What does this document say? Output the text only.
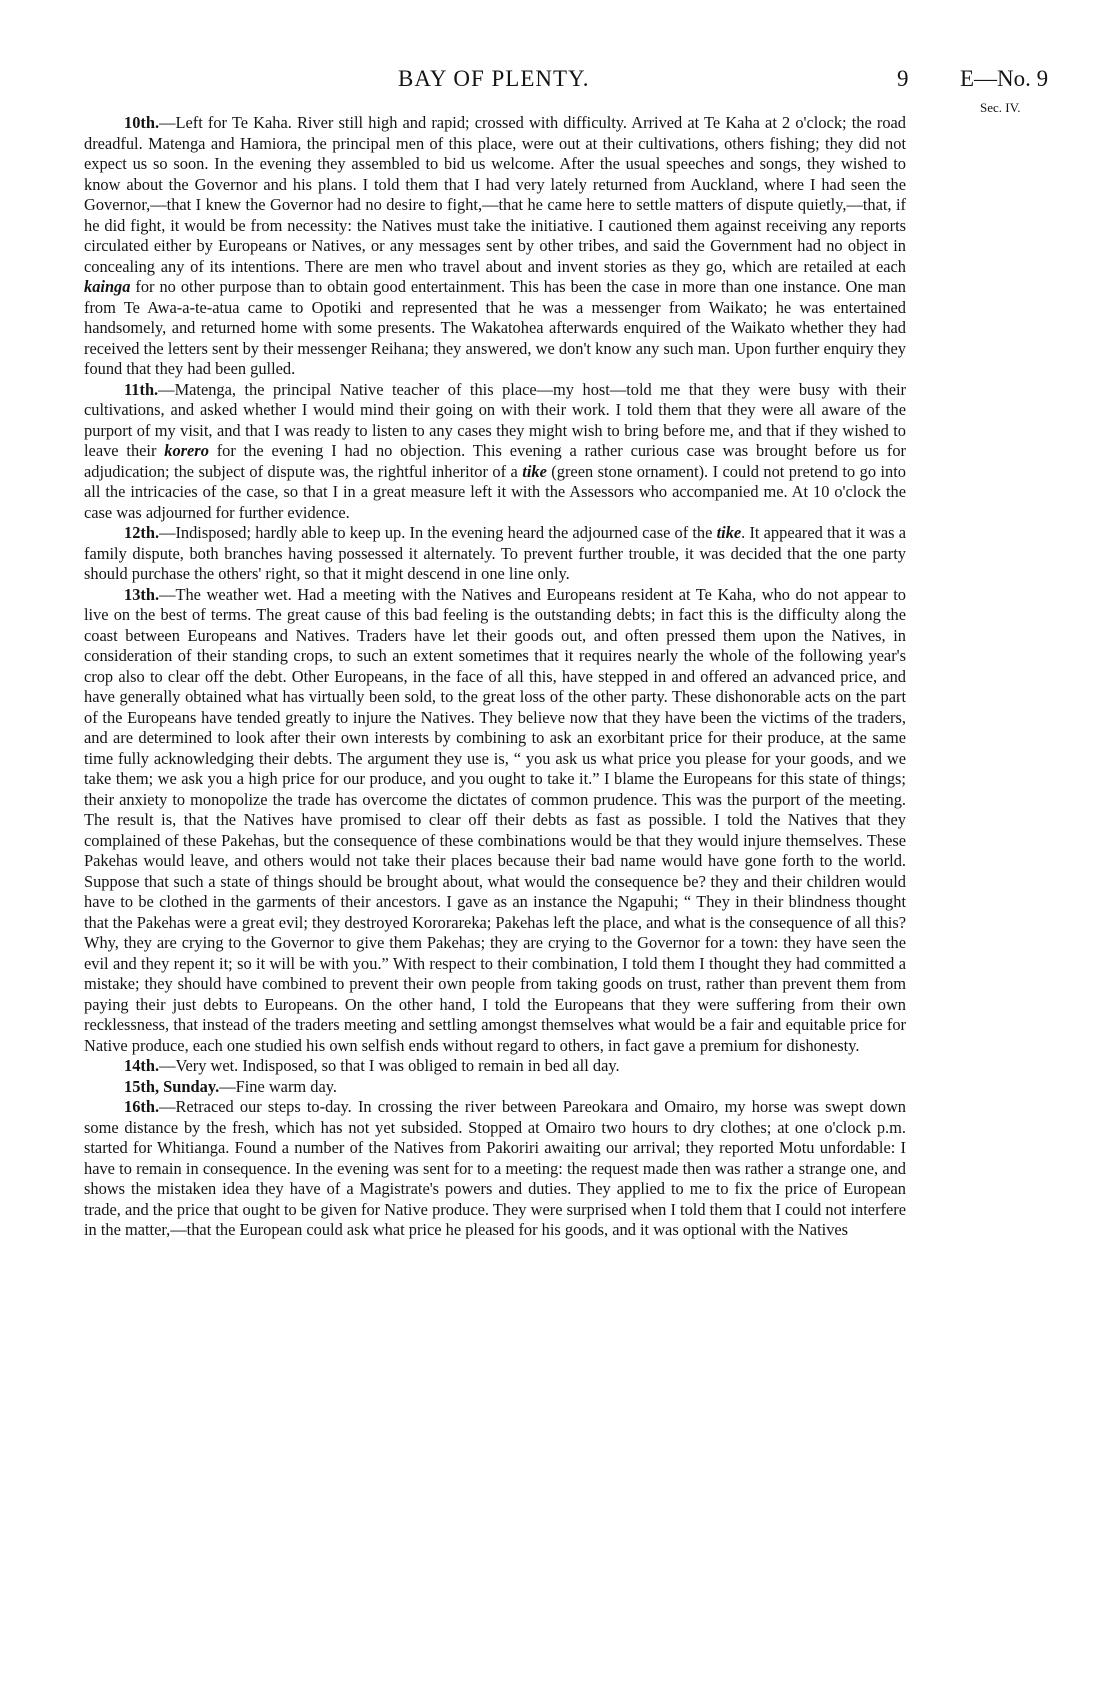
BAY OF PLENTY.	9 E—No. 9
Sec. IV.

10th.—Left for Te Kaha. River still high and rapid; crossed with difficulty. Arrived at Te Kaha at 2 o'clock; the road dreadful. Matenga and Hamiora, the principal men of this place, were out at their cultivations, others fishing; they did not expect us so soon. In the evening they assembled to bid us welcome. After the usual speeches and songs, they wished to know about the Governor and his plans. I told them that I had very lately returned from Auckland, where I had seen the Governor,—that I knew the Governor had no desire to fight,—that he came here to settle matters of dispute quietly,—that, if he did fight, it would be from necessity: the Natives must take the initiative. I cautioned them against receiving any reports circulated either by Europeans or Natives, or any messages sent by other tribes, and said the Government had no object in concealing any of its intentions. There are men who travel about and invent stories as they go, which are retailed at each kainga for no other purpose than to obtain good entertainment. This has been the case in more than one instance. One man from Te Awa-a-te-atua came to Opotiki and represented that he was a messenger from Waikato; he was entertained handsomely, and returned home with some presents. The Wakatohea afterwards enquired of the Waikato whether they had received the letters sent by their messenger Reihana; they answered, we don't know any such man. Upon further enquiry they found that they had been gulled.

11th.—Matenga, the principal Native teacher of this place—my host—told me that they were busy with their cultivations, and asked whether I would mind their going on with their work. I told them that they were all aware of the purport of my visit, and that I was ready to listen to any cases they might wish to bring before me, and that if they wished to leave their korero for the evening I had no objection. This evening a rather curious case was brought before us for adjudication; the subject of dispute was, the rightful inheritor of a tike (green stone ornament). I could not pretend to go into all the intricacies of the case, so that I in a great measure left it with the Assessors who accompanied me. At 10 o'clock the case was adjourned for further evidence.

12th.—Indisposed; hardly able to keep up. In the evening heard the adjourned case of the tike. It appeared that it was a family dispute, both branches having possessed it alternately. To prevent further trouble, it was decided that the one party should purchase the others' right, so that it might descend in one line only.

13th.—The weather wet. Had a meeting with the Natives and Europeans resident at Te Kaha, who do not appear to live on the best of terms. The great cause of this bad feeling is the outstanding debts; in fact this is the difficulty along the coast between Europeans and Natives. Traders have let their goods out, and often pressed them upon the Natives, in consideration of their standing crops, to such an extent sometimes that it requires nearly the whole of the following year's crop also to clear off the debt. Other Europeans, in the face of all this, have stepped in and offered an advanced price, and have generally obtained what has virtually been sold, to the great loss of the other party. These dishonorable acts on the part of the Europeans have tended greatly to injure the Natives. They believe now that they have been the victims of the traders, and are determined to look after their own interests by combining to ask an exorbitant price for their produce, at the same time fully acknowledging their debts. The argument they use is, “ you ask us what price you please for your goods, and we take them; we ask you a high price for our produce, and you ought to take it.” I blame the Europeans for this state of things; their anxiety to monopolize the trade has overcome the dictates of common prudence. This was the purport of the meeting. The result is, that the Natives have promised to clear off their debts as fast as possible. I told the Natives that they complained of these Pakehas, but the consequence of these combinations would be that they would injure themselves. These Pakehas would leave, and others would not take their places because their bad name would have gone forth to the world. Suppose that such a state of things should be brought about, what would the consequence be? they and their children would have to be clothed in the garments of their ancestors. I gave as an instance the Ngapuhi; “ They in their blindness thought that the Pakehas were a great evil; they destroyed Kororareka; Pakehas left the place, and what is the consequence of all this? Why, they are crying to the Governor to give them Pakehas; they are crying to the Governor for a town: they have seen the evil and they repent it; so it will be with you.” With respect to their combination, I told them I thought they had committed a mistake; they should have combined to prevent their own people from taking goods on trust, rather than prevent them from paying their just debts to Europeans. On the other hand, I told the Europeans that they were suffering from their own recklessness, that instead of the traders meeting and settling amongst themselves what would be a fair and equitable price for Native produce, each one studied his own selfish ends without regard to others, in fact gave a premium for dishonesty.

14th.—Very wet. Indisposed, so that I was obliged to remain in bed all day.

15th, Sunday.—Fine warm day.

16th.—Retraced our steps to-day. In crossing the river between Pareokara and Omairo, my horse was swept down some distance by the fresh, which has not yet subsided. Stopped at Omairo two hours to dry clothes; at one o'clock p.m. started for Whitianga. Found a number of the Natives from Pakoriri awaiting our arrival; they reported Motu unfordable: I have to remain in consequence. In the evening was sent for to a meeting: the request made then was rather a strange one, and shows the mistaken idea they have of a Magistrate's powers and duties. They applied to me to fix the price of European trade, and the price that ought to be given for Native produce. They were surprised when I told them that I could not interfere in the matter,—that the European could ask what price he pleased for his goods, and it was optional with the Natives
